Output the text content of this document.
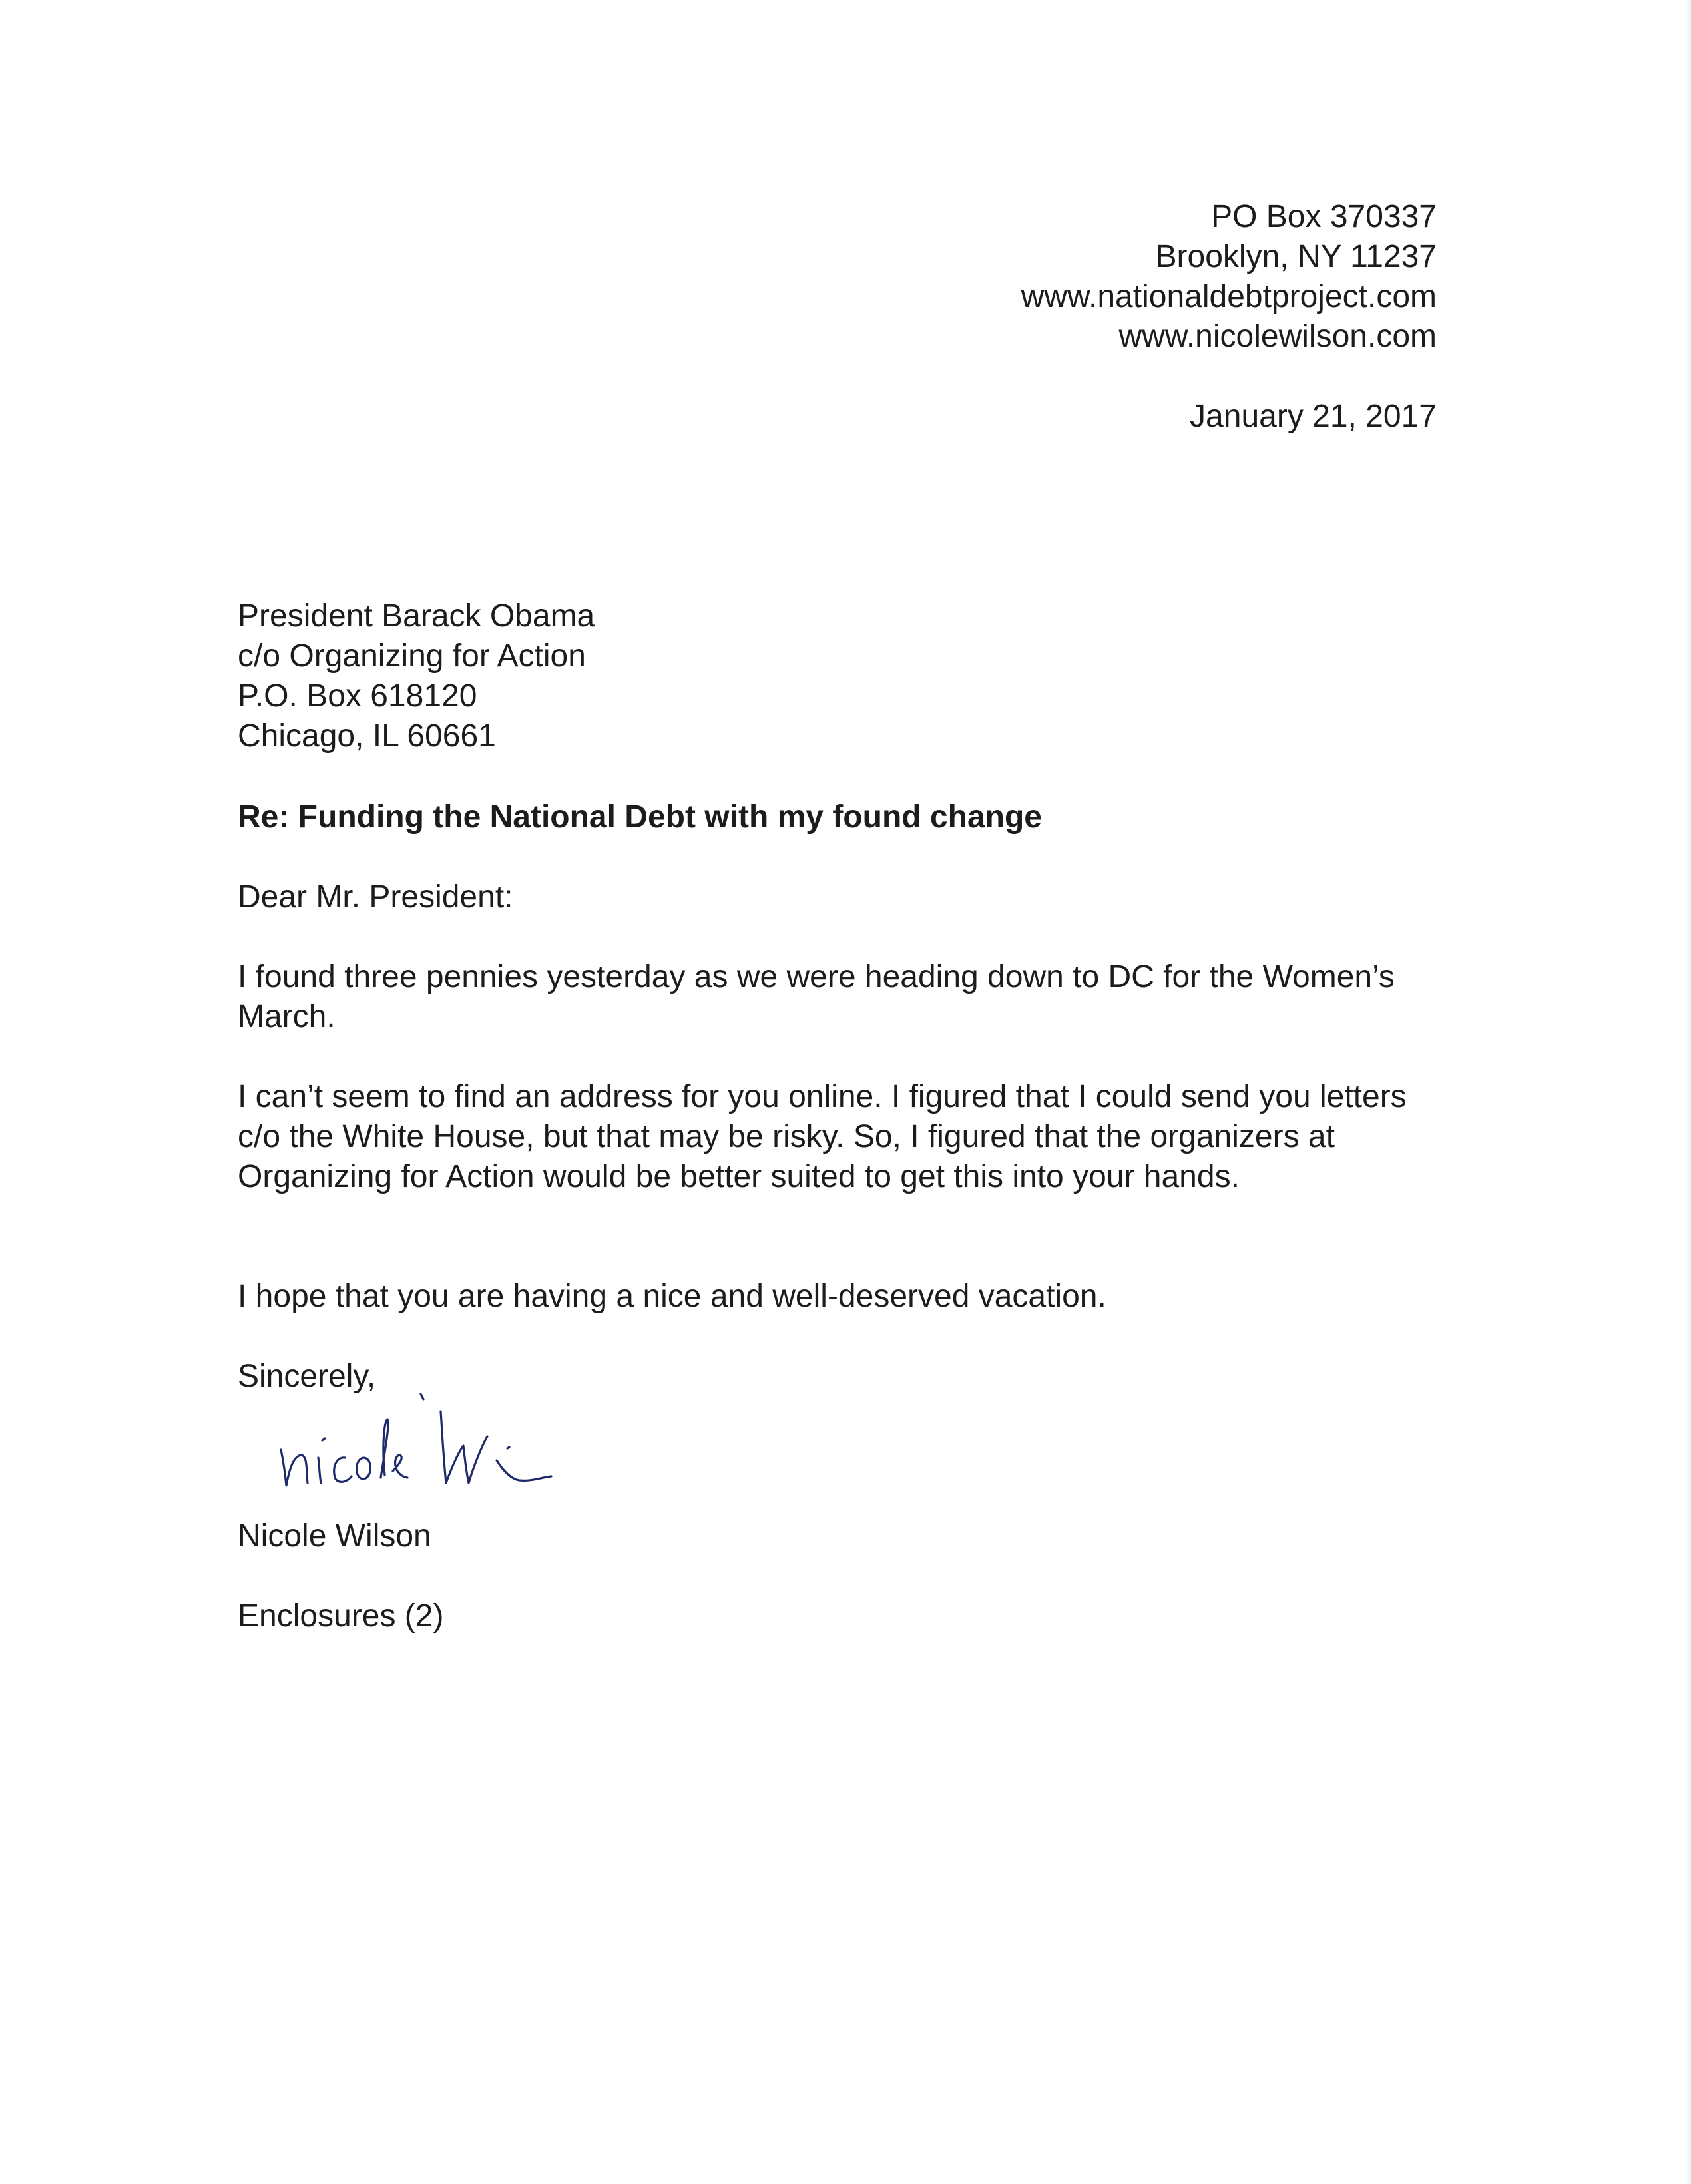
PO Box 370337
Brooklyn, NY 11237
www.nationaldebtproject.com
www.nicolewilson.com
January 21, 2017
President Barack Obama
c/o Organizing for Action
P.O. Box 618120
Chicago, IL 60661
Re: Funding the National Debt with my found change
Dear Mr. President:
I found three pennies yesterday as we were heading down to DC for the Women’s March.
I can’t seem to find an address for you online. I figured that I could send you letters c/o the White House, but that may be risky. So, I figured that the organizers at Organizing for Action would be better suited to get this into your hands.
I hope that you are having a nice and well-deserved vacation.
Sincerely,
Nicole Wilson
Enclosures (2)
